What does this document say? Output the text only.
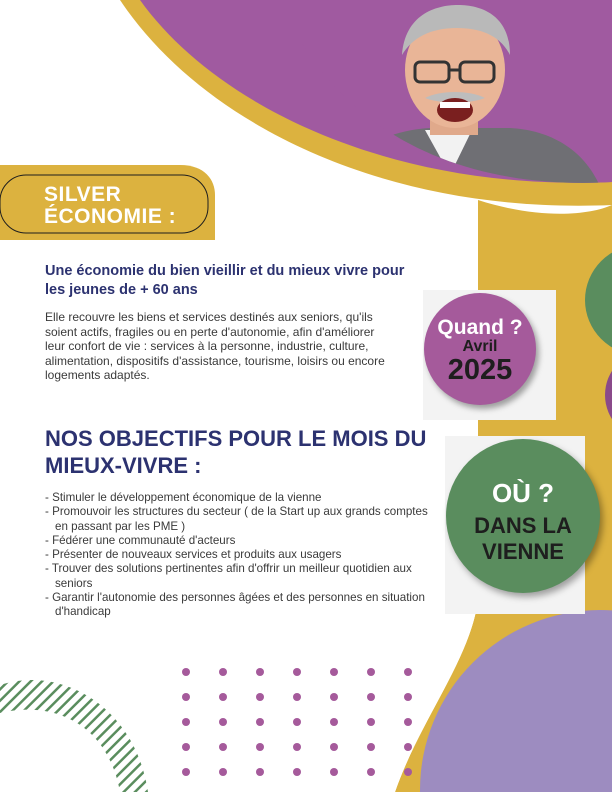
SILVER
ÉCONOMIE :
Une économie du bien vieillir et du mieux vivre pour les jeunes de + 60 ans
Elle recouvre les biens et services destinés aux seniors, qu'ils soient actifs, fragiles ou en perte d'autonomie, afin d'améliorer leur confort de vie : services à la personne, industrie, culture, alimentation, dispositifs d'assistance, tourisme, loisirs ou encore logements adaptés.
NOS OBJECTIFS POUR LE MOIS DU MIEUX-VIVRE :
- Stimuler le développement économique de la vienne
- Promouvoir les structures du secteur ( de la Start up aux grands comptes en passant par les PME )
- Fédérer une communauté d'acteurs
- Présenter de nouveaux services et produits aux usagers
- Trouver des solutions pertinentes afin d'offrir un meilleur quotidien aux seniors
- Garantir l'autonomie des personnes âgées et des personnes en situation d'handicap
Quand ?
Avril
2025
OÙ ?
DANS LA
VIENNE
